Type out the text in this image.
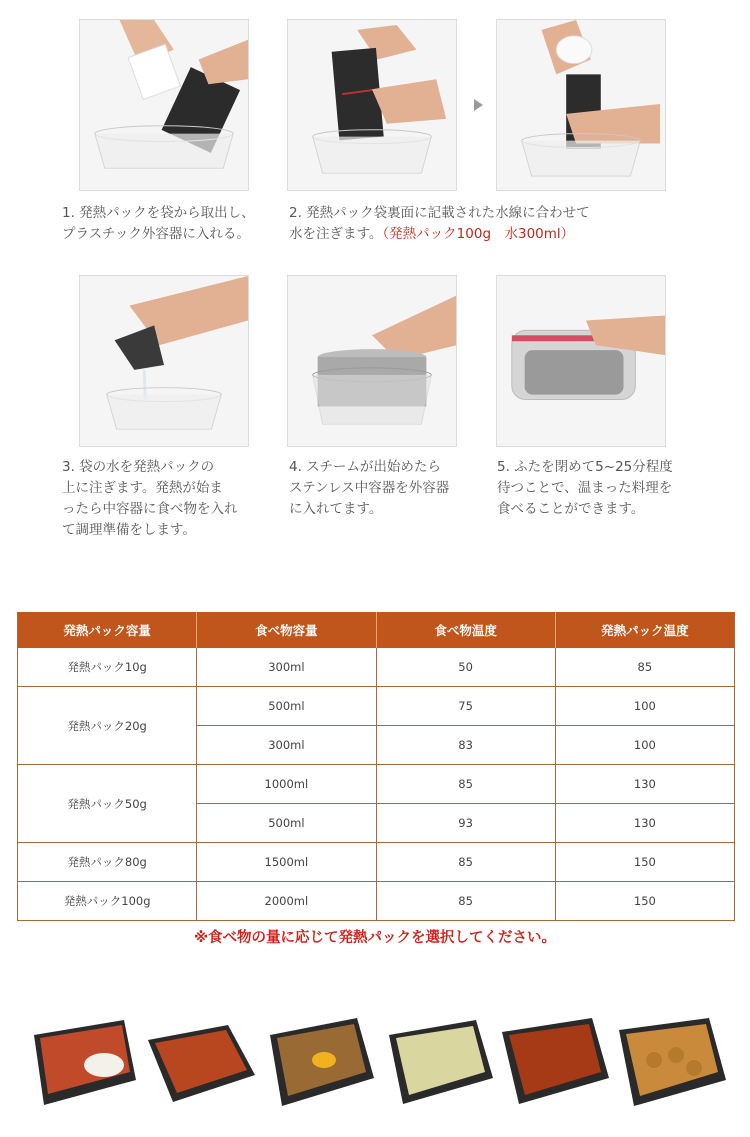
1. 発熱パックを袋から取出し、
プラスチック外容器に入れる。
2. 発熱パック袋裏面に記載された水線に合わせて
水を注ぎます。（発熱パック100g　水300ml）
3. 袋の水を発熱パックの
上に注ぎます。発熱が始ま
ったら中容器に食べ物を入れ
て調理準備をします。
4. スチームが出始めたら
ステンレス中容器を外容器
に入れてます。
5. ふたを閉めて5~25分程度
待つことで、温まった料理を
食べることができます。
発熱パック容量	食べ物容量	食べ物温度	発熱パック温度
発熱パック10g	300ml	50	85
発熱パック20g	500ml	75	100
	300ml	83	100
発熱パック50g	1000ml	85	130
	500ml	93	130
発熱パック80g	1500ml	85	150
発熱パック100g	2000ml	85	150
※食べ物の量に応じて発熱パックを選択してください。
